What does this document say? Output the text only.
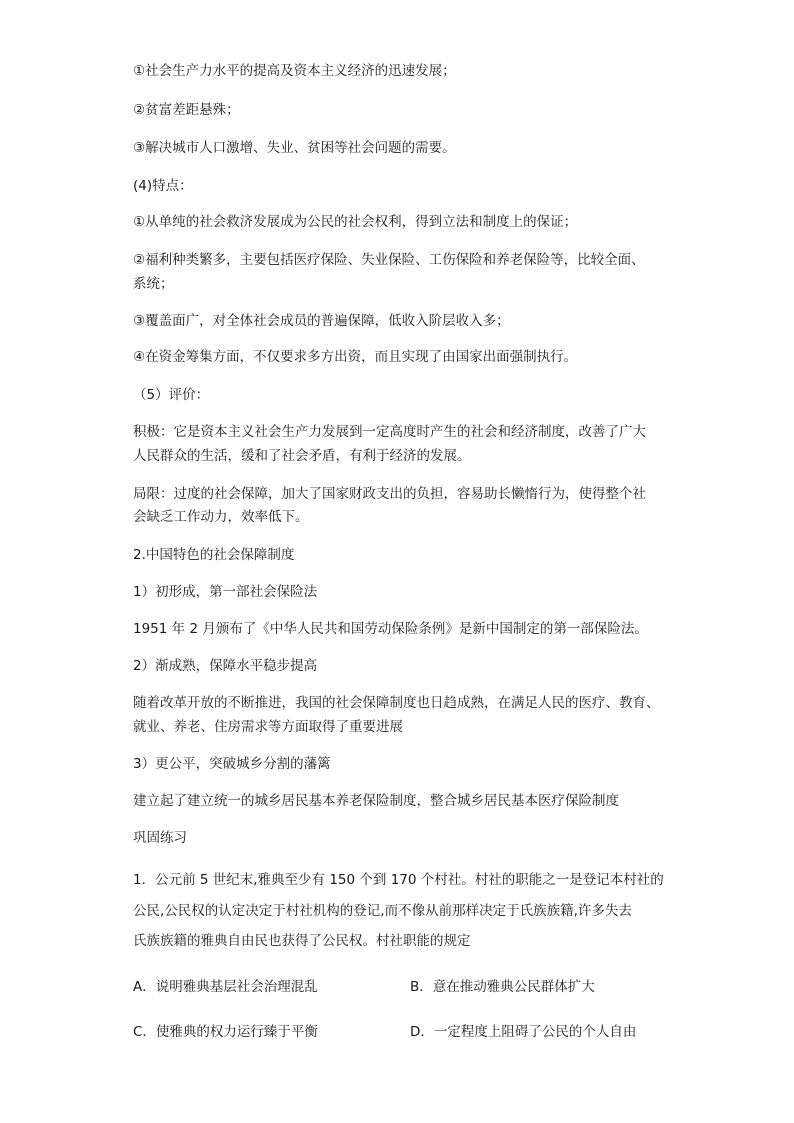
①社会生产力水平的提高及资本主义经济的迅速发展；
②贫富差距悬殊；
③解决城市人口激增、失业、贫困等社会问题的需要。
(4)特点：
①从单纯的社会救济发展成为公民的社会权利，得到立法和制度上的保证；
②福利种类繁多，主要包括医疗保险、失业保险、工伤保险和养老保险等，比较全面、
系统；
③覆盖面广，对全体社会成员的普遍保障，低收入阶层收入多；
④在资金筹集方面，不仅要求多方出资，而且实现了由国家出面强制执行。
（5）评价：
积极：它是资本主义社会生产力发展到一定高度时产生的社会和经济制度，改善了广大
人民群众的生活，缓和了社会矛盾，有利于经济的发展。
局限：过度的社会保障，加大了国家财政支出的负担，容易助长懒惰行为，使得整个社
会缺乏工作动力，效率低下。
2.中国特色的社会保障制度
1）初形成，第一部社会保险法
1951 年 2 月颁布了《中华人民共和国劳动保险条例》是新中国制定的第一部保险法。
2）渐成熟，保障水平稳步提高
随着改革开放的不断推进，我国的社会保障制度也日趋成熟，在满足人民的医疗、教育、
就业、养老、住房需求等方面取得了重要进展
3）更公平，突破城乡分割的藩篱
建立起了建立统一的城乡居民基本养老保险制度，整合城乡居民基本医疗保险制度
巩固练习
1．公元前 5 世纪末,雅典至少有 150 个到 170 个村社。村社的职能之一是登记本村社的
公民,公民权的认定决定于村社机构的登记,而不像从前那样决定于氏族族籍,许多失去
氏族族籍的雅典自由民也获得了公民权。村社职能的规定
A．说明雅典基层社会治理混乱	B．意在推动雅典公民群体扩大
C．使雅典的权力运行臻于平衡	D．一定程度上阻碍了公民的个人自由
